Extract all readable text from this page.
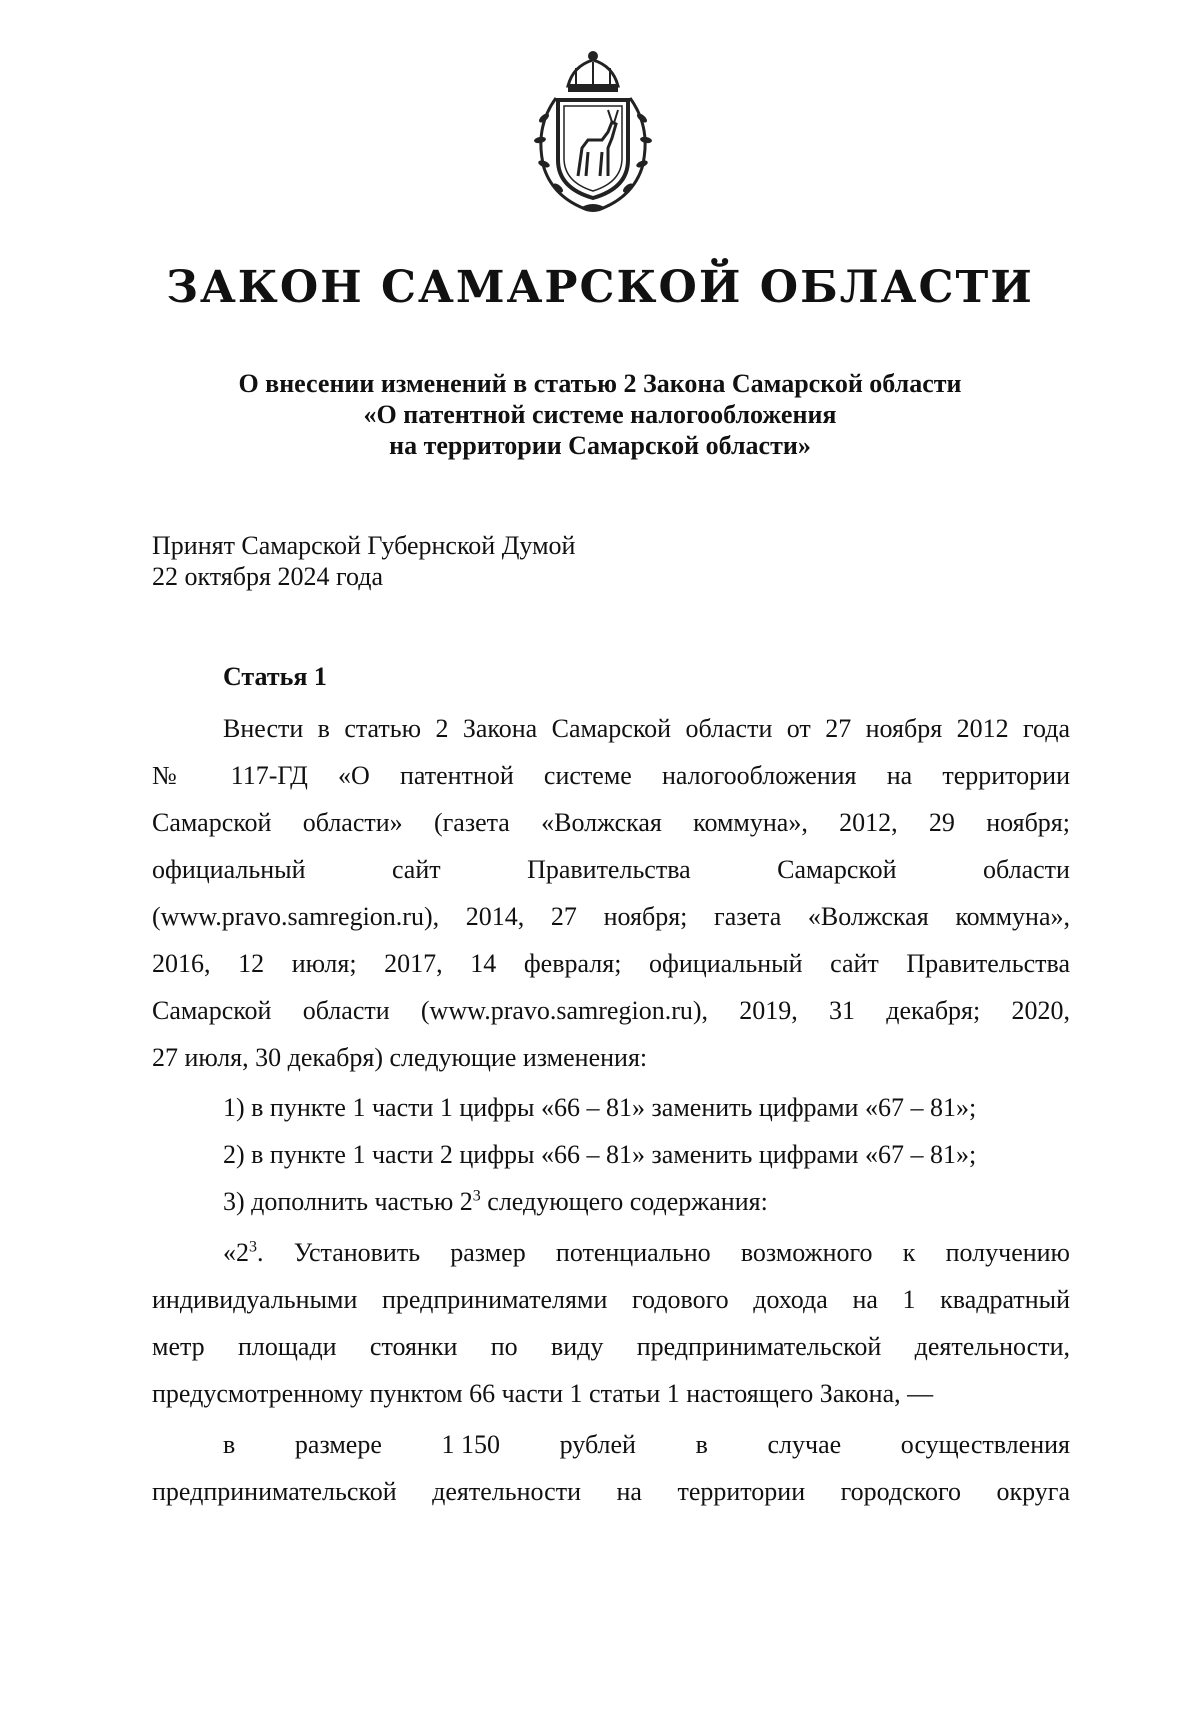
ЗАКОН САМАРСКОЙ ОБЛАСТИ
О внесении изменений в статью 2 Закона Самарской области
«О патентной системе налогообложения
на территории Самарской области»
Принят Самарской Губернской Думой
22 октября 2024 года
Статья 1
Внести в статью 2 Закона Самарской области от 27 ноября 2012 года
№ 117-ГД «О патентной системе налогообложения на территории
Самарской области» (газета «Волжская коммуна», 2012, 29 ноября;
официальный	сайт	Правительства	Самарской	области
(www.pravo.samregion.ru), 2014, 27 ноября; газета «Волжская коммуна»,
2016, 12 июля; 2017, 14 февраля; официальный сайт Правительства
Самарской области (www.pravo.samregion.ru), 2019, 31 декабря; 2020,
27 июля, 30 декабря) следующие изменения:
1) в пункте 1 части 1 цифры «66 – 81» заменить цифрами «67 – 81»;
2) в пункте 1 части 2 цифры «66 – 81» заменить цифрами «67 – 81»;
3) дополнить частью $2^3$ следующего содержания:
«$2^3$. Установить размер потенциально возможного к получению
индивидуальными предпринимателями годового дохода на 1 квадратный
метр площади стоянки по виду предпринимательской деятельности,
предусмотренному пунктом 66 части 1 статьи 1 настоящего Закона, —
в размере 1 150 рублей в случае осуществления
предпринимательской деятельности на территории городского округа
